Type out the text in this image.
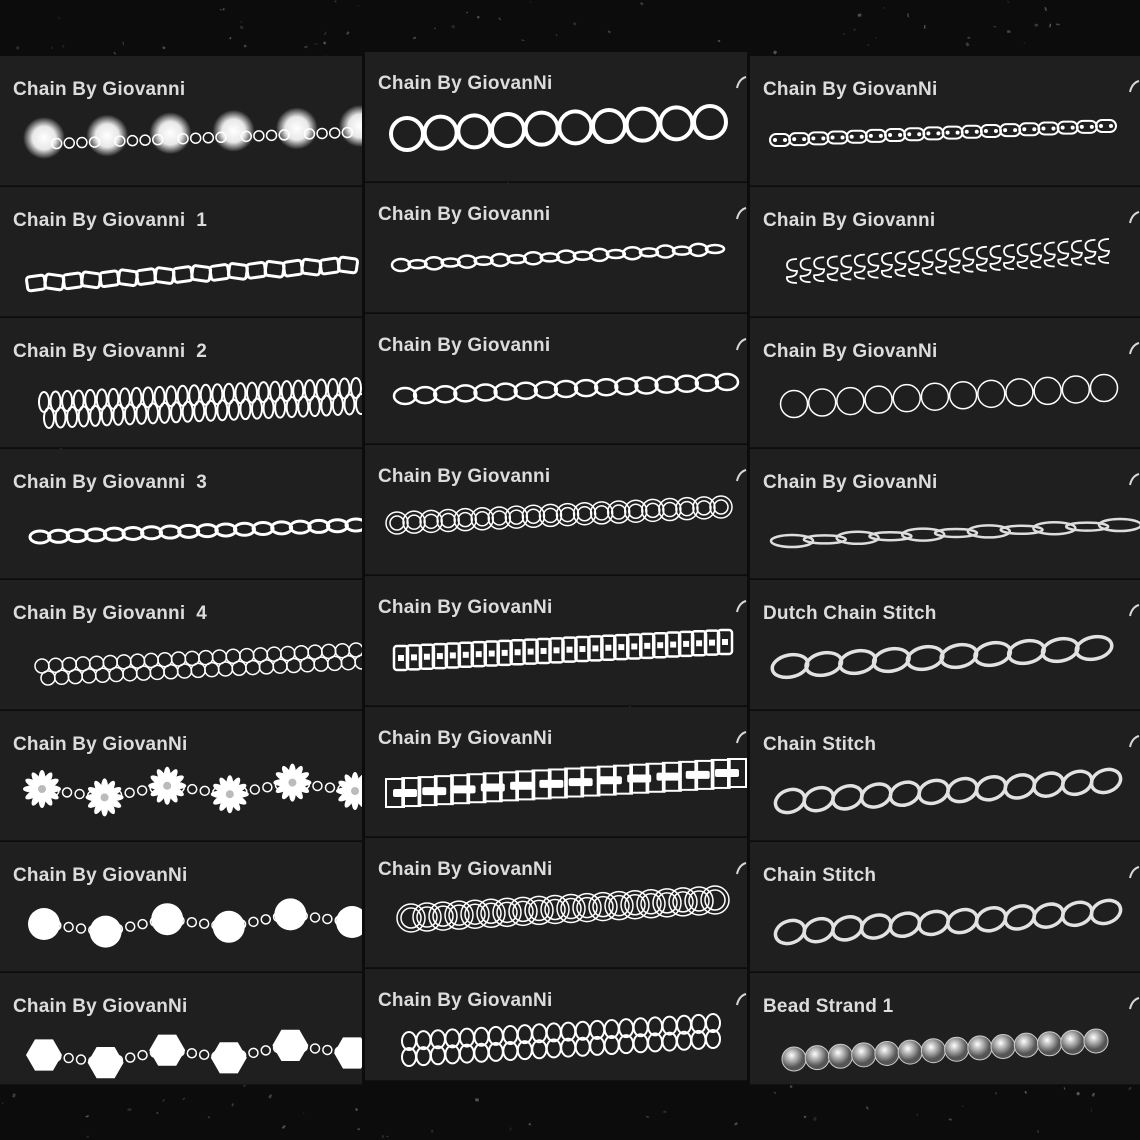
Chain By Giovanni
Chain By Giovanni  1
Chain By Giovanni  2
Chain By Giovanni  3
Chain By Giovanni  4
Chain By GiovanNi
Chain By GiovanNi
Chain By GiovanNi
Chain By GiovanNi
Chain By Giovanni
Chain By Giovanni
Chain By Giovanni
Chain By GiovanNi
Chain By GiovanNi
Chain By GiovanNi
Chain By GiovanNi
Chain By GiovanNi
Chain By Giovanni
Chain By GiovanNi
Chain By GiovanNi
Dutch Chain Stitch
Chain Stitch
Chain Stitch
Bead Strand 1
